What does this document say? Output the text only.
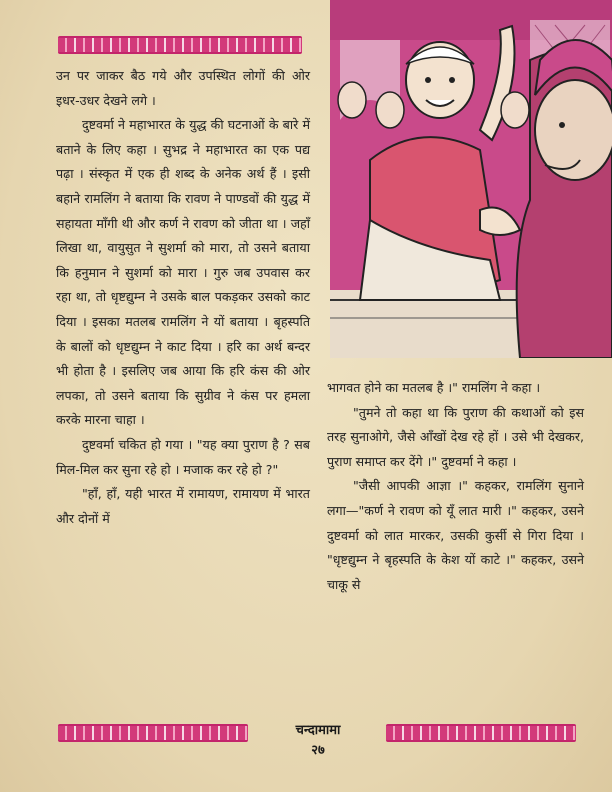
उन पर जाकर बैठ गये और उपस्थित लोगों की ओर इधर-उधर देखने लगे ।

दुष्टवर्मा ने महाभारत के युद्ध की घटनाओं के बारे में बताने के लिए कहा । सुभद्र ने महाभारत का एक पद्य पढ़ा । संस्कृत में एक ही शब्द के अनेक अर्थ हैं । इसी बहाने रामलिंग ने बताया कि रावण ने पाण्डवों की युद्ध में सहायता माँगी थी और कर्ण ने रावण को जीता था । जहाँ लिखा था, वायुसुत ने सुशर्मा को मारा, तो उसने बताया कि हनुमान ने सुशर्मा को मारा । गुरु जब उपवास कर रहा था, तो धृष्टद्युम्न ने उसके बाल पकड़कर उसको काट दिया । इसका मतलब रामलिंग ने यों बताया । बृहस्पति के बालों को धृष्टद्युम्न ने काट दिया । हरि का अर्थ बन्दर भी होता है । इसलिए जब आया कि हरि कंस की ओर लपका, तो उसने बताया कि सुग्रीव ने कंस पर हमला करके मारना चाहा ।

दुष्टवर्मा चकित हो गया । "यह क्या पुराण है ? सब मिल-मिल कर सुना रहे हो । मजाक कर रहे हो ?"

"हाँ, हाँ, यही भारत में रामायण, रामायण में भारत और दोनों में

भागवत होने का मतलब है ।" रामलिंग ने कहा ।

"तुमने तो कहा था कि पुराण की कथाओं को इस तरह सुनाओगे, जैसे आँखों देख रहे हों । उसे भी देखकर, पुराण समाप्त कर देंगे ।" दुष्टवर्मा ने कहा ।

"जैसी आपकी आज्ञा ।" कहकर, रामलिंग सुनाने लगा—"कर्ण ने रावण को यूँ लात मारी ।" कहकर, उसने दुष्टवर्मा को लात मारकर, उसकी कुर्सी से गिरा दिया । "धृष्टद्युम्न ने बृहस्पति के केश यों काटे ।" कहकर, उसने चाकू से

चन्दामामा
२७
